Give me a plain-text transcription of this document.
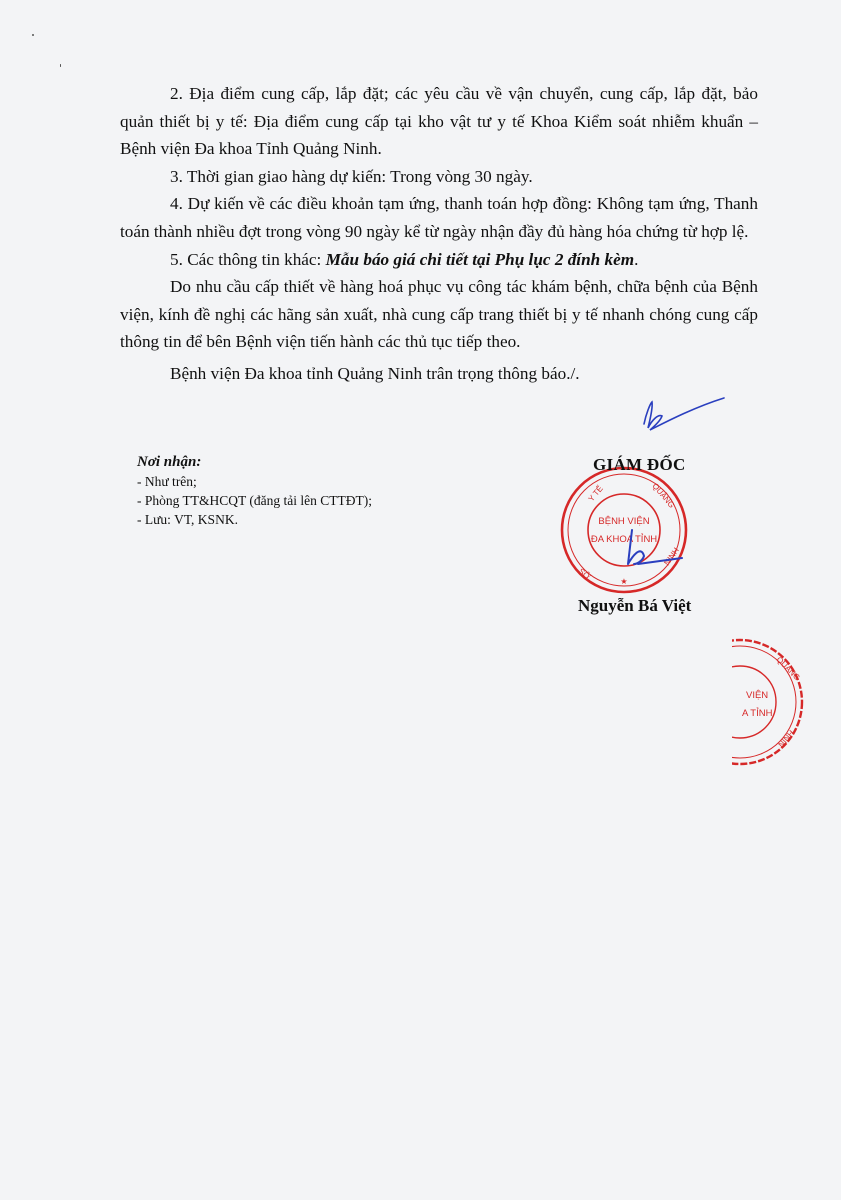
2. Địa điểm cung cấp, lắp đặt; các yêu cầu về vận chuyển, cung cấp, lắp đặt, bảo quản thiết bị y tế: Địa điểm cung cấp tại kho vật tư y tế Khoa Kiểm soát nhiễm khuẩn – Bệnh viện Đa khoa Tỉnh Quảng Ninh.

3. Thời gian giao hàng dự kiến: Trong vòng 30 ngày.

4. Dự kiến về các điều khoản tạm ứng, thanh toán hợp đồng: Không tạm ứng, Thanh toán thành nhiều đợt trong vòng 90 ngày kể từ ngày nhận đầy đủ hàng hóa chứng từ hợp lệ.

5. Các thông tin khác: Mẫu báo giá chi tiết tại Phụ lục 2 đính kèm.

Do nhu cầu cấp thiết về hàng hoá phục vụ công tác khám bệnh, chữa bệnh của Bệnh viện, kính đề nghị các hãng sản xuất, nhà cung cấp trang thiết bị y tế nhanh chóng cung cấp thông tin để bên Bệnh viện tiến hành các thủ tục tiếp theo.

Bệnh viện Đa khoa tỉnh Quảng Ninh trân trọng thông báo./.

Nơi nhận:
- Như trên;
- Phòng TT&HCQT (đăng tải lên CTTĐT);
- Lưu: VT, KSNK.
Y TẾ	QUẢNG
SỞ
NINH
BỆNH VIỆN
ĐA KHOA TỈNH
★
GIÁM ĐỐC
Nguyễn Bá Việt
QUẢNG
NINH
VIỆN
A TỈNH
